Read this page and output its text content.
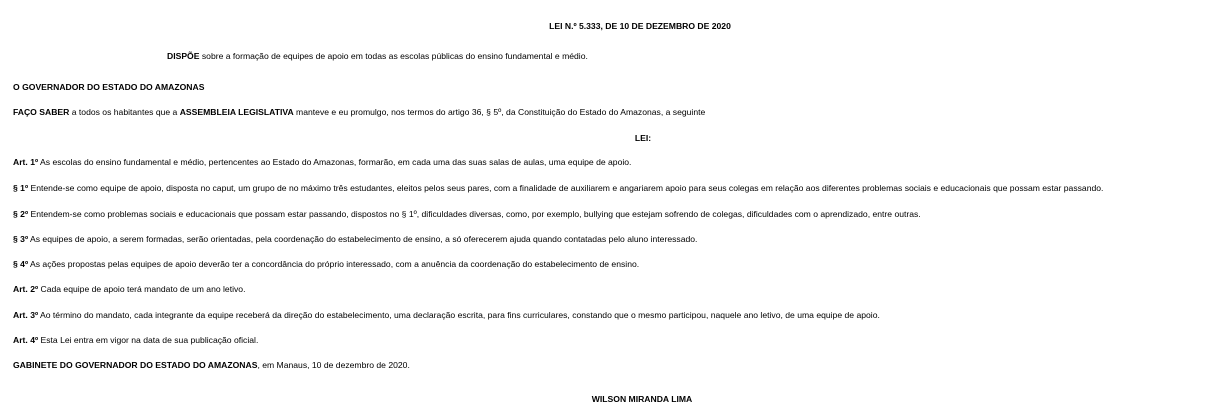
LEI N.º 5.333, DE 10 DE DEZEMBRO DE 2020
DISPÕE sobre a formação de equipes de apoio em todas as escolas públicas do ensino fundamental e médio.
O GOVERNADOR DO ESTADO DO AMAZONAS
FAÇO SABER a todos os habitantes que a ASSEMBLEIA LEGISLATIVA manteve e eu promulgo, nos termos do artigo 36, § 5º, da Constituição do Estado do Amazonas, a seguinte
LEI:
Art. 1º As escolas do ensino fundamental e médio, pertencentes ao Estado do Amazonas, formarão, em cada uma das suas salas de aulas, uma equipe de apoio.
§ 1º Entende-se como equipe de apoio, disposta no caput, um grupo de no máximo três estudantes, eleitos pelos seus pares, com a finalidade de auxiliarem e angariarem apoio para seus colegas em relação aos diferentes problemas sociais e educacionais que possam estar passando.
§ 2º Entendem-se como problemas sociais e educacionais que possam estar passando, dispostos no § 1º, dificuldades diversas, como, por exemplo, bullying que estejam sofrendo de colegas, dificuldades com o aprendizado, entre outras.
§ 3º As equipes de apoio, a serem formadas, serão orientadas, pela coordenação do estabelecimento de ensino, a só oferecerem ajuda quando contatadas pelo aluno interessado.
§ 4º As ações propostas pelas equipes de apoio deverão ter a concordância do próprio interessado, com a anuência da coordenação do estabelecimento de ensino.
Art. 2º Cada equipe de apoio terá mandato de um ano letivo.
Art. 3º Ao término do mandato, cada integrante da equipe receberá da direção do estabelecimento, uma declaração escrita, para fins curriculares, constando que o mesmo participou, naquele ano letivo, de uma equipe de apoio.
Art. 4º Esta Lei entra em vigor na data de sua publicação oficial.
GABINETE DO GOVERNADOR DO ESTADO DO AMAZONAS, em Manaus, 10 de dezembro de 2020.
WILSON MIRANDA LIMA
